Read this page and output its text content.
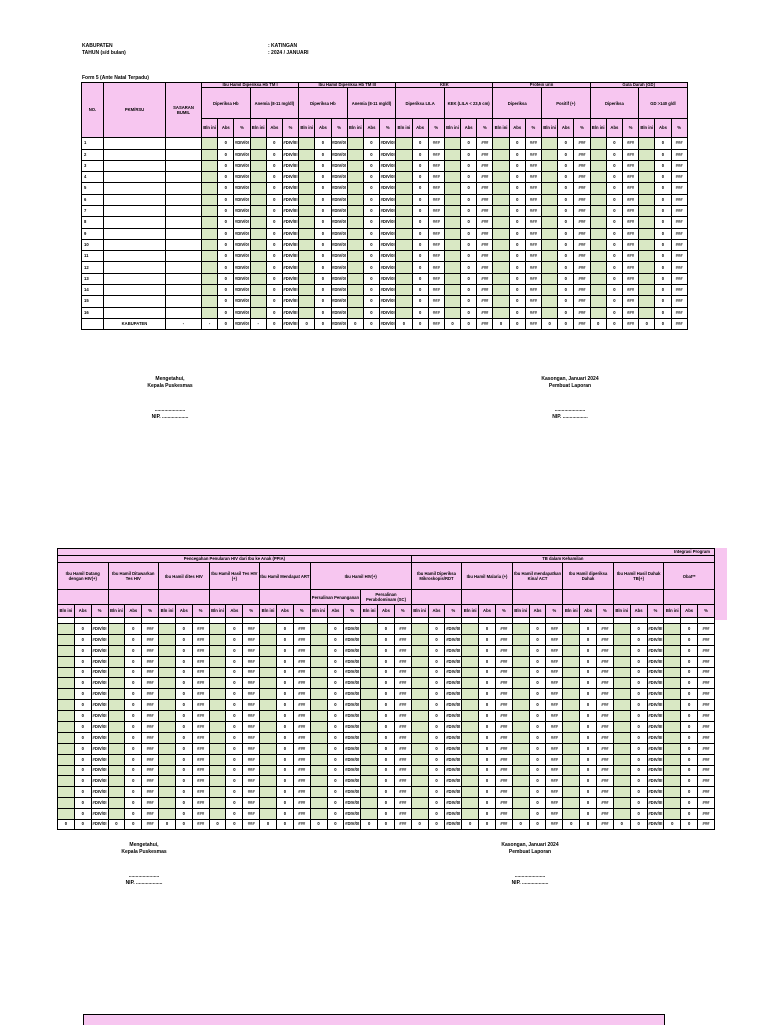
KABUPATEN	: KATINGAN
TAHUN (s/d bulan)	: 2024 / JANUARI
Form 5 (Ante Natal Terpadu)
NO.	PKM/RSU	SASARAN BUMIL	Ibu Hamil Diperiksa Hb TM I						Ibu Hamil Diperiksa Hb TM III						KEK						Protein urin						Gula Darah (GD)					
			Diperiksa Hb			Anemia (8-11 mg/dl)			Diperiksa Hb			Anemia (8-11 mg/dl)			Diperiksa LILA			KEK (LILA < 23,5 cm)			Diperiksa			Positif (+)			Diperiksa			GD >140 g/dl		
			Bln ini	Abs	%	Bln ini	Abs	%	Bln ini	Abs	%	Bln ini	Abs	%	Bln ini	Abs	%	Bln ini	Abs	%	Bln ini	Abs	%	Bln ini	Abs	%	Bln ini	Abs	%	Bln ini	Abs	%
1				0	#DIV/0!		0	#DIV/0!		0	#DIV/0!		0	#DIV/0!		0	###		0	###		0	###		0	###		0	###		0	###
2				0	#DIV/0!		0	#DIV/0!		0	#DIV/0!		0	#DIV/0!		0	###		0	###		0	###		0	###		0	###		0	###
3				0	#DIV/0!		0	#DIV/0!		0	#DIV/0!		0	#DIV/0!		0	###		0	###		0	###		0	###		0	###		0	###
4				0	#DIV/0!		0	#DIV/0!		0	#DIV/0!		0	#DIV/0!		0	###		0	###		0	###		0	###		0	###		0	###
5				0	#DIV/0!		0	#DIV/0!		0	#DIV/0!		0	#DIV/0!		0	###		0	###		0	###		0	###		0	###		0	###
6				0	#DIV/0!		0	#DIV/0!		0	#DIV/0!		0	#DIV/0!		0	###		0	###		0	###		0	###		0	###		0	###
7				0	#DIV/0!		0	#DIV/0!		0	#DIV/0!		0	#DIV/0!		0	###		0	###		0	###		0	###		0	###		0	###
8				0	#DIV/0!		0	#DIV/0!		0	#DIV/0!		0	#DIV/0!		0	###		0	###		0	###		0	###		0	###		0	###
9				0	#DIV/0!		0	#DIV/0!		0	#DIV/0!		0	#DIV/0!		0	###		0	###		0	###		0	###		0	###		0	###
10				0	#DIV/0!		0	#DIV/0!		0	#DIV/0!		0	#DIV/0!		0	###		0	###		0	###		0	###		0	###		0	###
11				0	#DIV/0!		0	#DIV/0!		0	#DIV/0!		0	#DIV/0!		0	###		0	###		0	###		0	###		0	###		0	###
12				0	#DIV/0!		0	#DIV/0!		0	#DIV/0!		0	#DIV/0!		0	###		0	###		0	###		0	###		0	###		0	###
13				0	#DIV/0!		0	#DIV/0!		0	#DIV/0!		0	#DIV/0!		0	###		0	###		0	###		0	###		0	###		0	###
14				0	#DIV/0!		0	#DIV/0!		0	#DIV/0!		0	#DIV/0!		0	###		0	###		0	###		0	###		0	###		0	###
15				0	#DIV/0!		0	#DIV/0!		0	#DIV/0!		0	#DIV/0!		0	###		0	###		0	###		0	###		0	###		0	###
16				0	#DIV/0!		0	#DIV/0!		0	#DIV/0!		0	#DIV/0!		0	###		0	###		0	###		0	###		0	###		0	###
	KABUPATEN	-	-	0	#DIV/0!	-	0	#DIV/0!	0	0	#DIV/0!	0	0	#DIV/0!	0	0	###	0	0	###	0	0	###	0	0	###	0	0	###	0	0	###
Mengetahui,
Kepala Puskesmas
......................
NIP. ...................
Kasongan, Januari 2024
Pembuat Laporan
......................
NIP. ..................
Integrasi Program																																						
Pencegahan Penularan HIV dari Ibu ke Anak (PPIA)																					TB dalam Kehamilan																	
Ibu Hamil Datang dengan HIV(+)			Ibu Hamil Ditawarkan Tes HIV			Ibu Hamil dites HIV			Ibu Hamil Hasil Tes HIV (+)			Ibu Hamil Mendapat ART			Ibu Hamil HIV(+)						Ibu Hamil Diperiksa Mikroskopis/RDT			Ibu Hamil Malaria (+)			Ibu Hamil mendapatkan Kina/ ACT			Ibu Hamil diperiksa Dahak			Ibu Hamil Hasil Dahak TB(+)			Obat**		
															Persalinan Penanganan			Persalinan Perabdominam (SC)																				
Bln ini	Abs	%	Bln ini	Abs	%	Bln ini	Abs	%	Bln ini	Abs	%	Bln ini	Abs	%	Bln ini	Abs	%	Bln ini	Abs	%	Bln ini	Abs	%	Bln ini	Abs	%	Bln ini	Abs	%	Bln ini	Abs	%	Bln ini	Abs	%	Bln ini	Abs	%

	0	#DIV/0!		0	###		0	###		0	###		0	###		0	#DIV/0!		0	###		0	#DIV/0!		0	###		0	###		0	###		0	#DIV/0!		0	###
	0	#DIV/0!		0	###		0	###		0	###		0	###		0	#DIV/0!		0	###		0	#DIV/0!		0	###		0	###		0	###		0	#DIV/0!		0	###
	0	#DIV/0!		0	###		0	###		0	###		0	###		0	#DIV/0!		0	###		0	#DIV/0!		0	###		0	###		0	###		0	#DIV/0!		0	###
	0	#DIV/0!		0	###		0	###		0	###		0	###		0	#DIV/0!		0	###		0	#DIV/0!		0	###		0	###		0	###		0	#DIV/0!		0	###
	0	#DIV/0!		0	###		0	###		0	###		0	###		0	#DIV/0!		0	###		0	#DIV/0!		0	###		0	###		0	###		0	#DIV/0!		0	###
	0	#DIV/0!		0	###		0	###		0	###		0	###		0	#DIV/0!		0	###		0	#DIV/0!		0	###		0	###		0	###		0	#DIV/0!		0	###
	0	#DIV/0!		0	###		0	###		0	###		0	###		0	#DIV/0!		0	###		0	#DIV/0!		0	###		0	###		0	###		0	#DIV/0!		0	###
	0	#DIV/0!		0	###		0	###		0	###		0	###		0	#DIV/0!		0	###		0	#DIV/0!		0	###		0	###		0	###		0	#DIV/0!		0	###
	0	#DIV/0!		0	###		0	###		0	###		0	###		0	#DIV/0!		0	###		0	#DIV/0!		0	###		0	###		0	###		0	#DIV/0!		0	###
	0	#DIV/0!		0	###		0	###		0	###		0	###		0	#DIV/0!		0	###		0	#DIV/0!		0	###		0	###		0	###		0	#DIV/0!		0	###
	0	#DIV/0!		0	###		0	###		0	###		0	###		0	#DIV/0!		0	###		0	#DIV/0!		0	###		0	###		0	###		0	#DIV/0!		0	###
	0	#DIV/0!		0	###		0	###		0	###		0	###		0	#DIV/0!		0	###		0	#DIV/0!		0	###		0	###		0	###		0	#DIV/0!		0	###
	0	#DIV/0!		0	###		0	###		0	###		0	###		0	#DIV/0!		0	###		0	#DIV/0!		0	###		0	###		0	###		0	#DIV/0!		0	###
	0	#DIV/0!		0	###		0	###		0	###		0	###		0	#DIV/0!		0	###		0	#DIV/0!		0	###		0	###		0	###		0	#DIV/0!		0	###
	0	#DIV/0!		0	###		0	###		0	###		0	###		0	#DIV/0!		0	###		0	#DIV/0!		0	###		0	###		0	###		0	#DIV/0!		0	###
	0	#DIV/0!		0	###		0	###		0	###		0	###		0	#DIV/0!		0	###		0	#DIV/0!		0	###		0	###		0	###		0	#DIV/0!		0	###
	0	#DIV/0!		0	###		0	###		0	###		0	###		0	#DIV/0!		0	###		0	#DIV/0!		0	###		0	###		0	###		0	#DIV/0!		0	###
	0	#DIV/0!		0	###		0	###		0	###		0	###		0	#DIV/0!		0	###		0	#DIV/0!		0	###		0	###		0	###		0	#DIV/0!		0	###
0	0	#DIV/0!	0	0	###	0	0	###	0	0	###	0	0	###	0	0	#DIV/0!	0	0	###	0	0	#DIV/0!	0	0	###	0	0	###	0	0	###	0	0	#DIV/0!	0	0	###
Mengetahui,
Kepala Puskesmas
......................
NIP. ...................
Kasongan, Januari 2024
Pembuat Laporan
......................
NIP. ...................
